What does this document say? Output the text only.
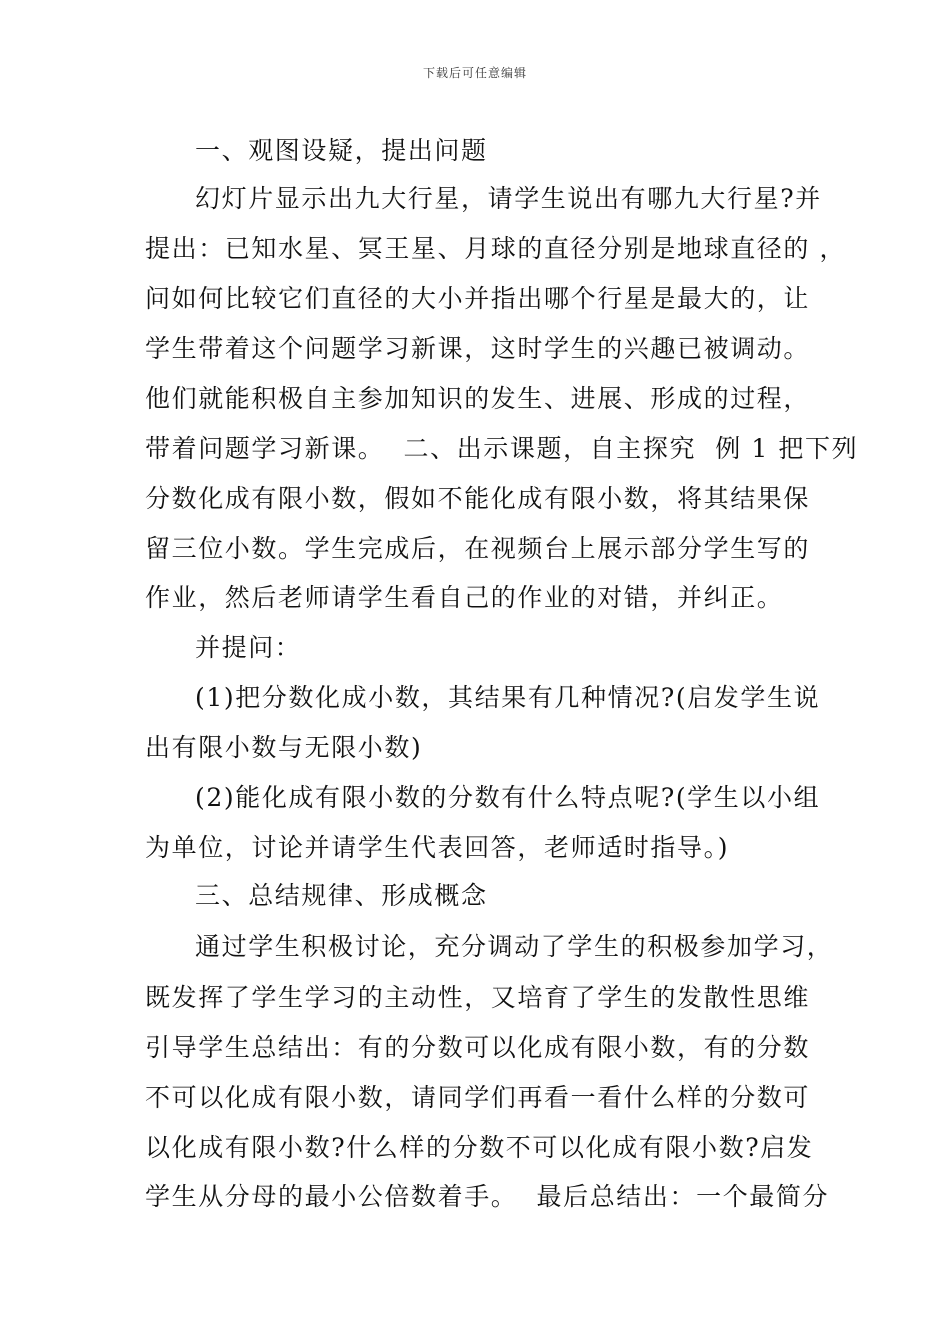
下载后可任意编辑
一、观图设疑，提出问题
幻灯片显示出九大行星，请学生说出有哪九大行星?并
提出：已知水星、冥王星、月球的直径分别是地球直径的 ，
问如何比较它们直径的大小并指出哪个行星是最大的，让
学生带着这个问题学习新课，这时学生的兴趣已被调动。
他们就能积极自主参加知识的发生、进展、形成的过程，
带着问题学习新课。  二、出示课题，自主探究  例 1 把下列
分数化成有限小数，假如不能化成有限小数，将其结果保
留三位小数。学生完成后，在视频台上展示部分学生写的
作业，然后老师请学生看自己的作业的对错，并纠正。
并提问：
(1)把分数化成小数，其结果有几种情况?(启发学生说
出有限小数与无限小数)
(2)能化成有限小数的分数有什么特点呢?(学生以小组
为单位，讨论并请学生代表回答，老师适时指导。)
三、总结规律、形成概念
通过学生积极讨论，充分调动了学生的积极参加学习，
既发挥了学生学习的主动性，又培育了学生的发散性思维
引导学生总结出：有的分数可以化成有限小数，有的分数
不可以化成有限小数，请同学们再看一看什么样的分数可
以化成有限小数?什么样的分数不可以化成有限小数?启发
学生从分母的最小公倍数着手。  最后总结出：一个最简分
